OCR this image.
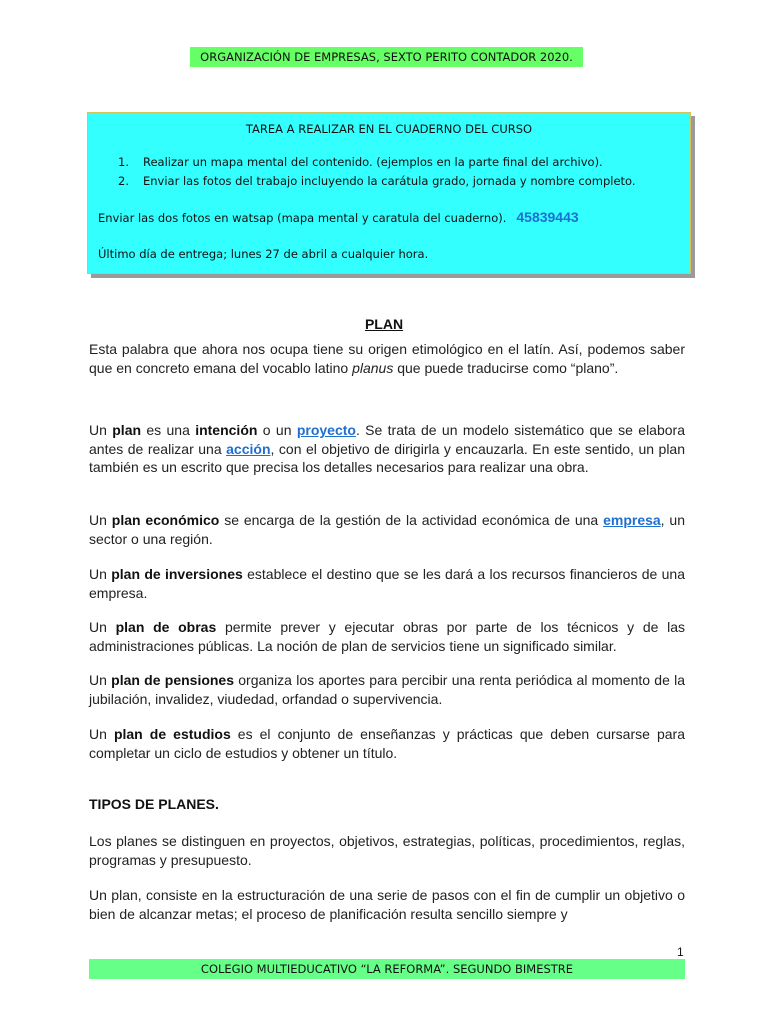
ORGANIZACIÓN DE EMPRESAS, SEXTO PERITO CONTADOR 2020.
TAREA A REALIZAR EN EL CUADERNO DEL CURSO
1. Realizar un mapa mental del contenido. (ejemplos en la parte final del archivo).
2. Enviar las fotos del trabajo incluyendo la carátula grado, jornada y nombre completo.
Enviar las dos fotos en watsap (mapa mental y caratula del cuaderno). 45839443
Último día de entrega; lunes 27 de abril a cualquier hora.
PLAN

Esta palabra que ahora nos ocupa tiene su origen etimológico en el latín. Así, podemos saber que en concreto emana del vocablo latino planus que puede traducirse como “plano”.

Un plan es una intención o un proyecto. Se trata de un modelo sistemático que se elabora antes de realizar una acción, con el objetivo de dirigirla y encauzarla. En este sentido, un plan también es un escrito que precisa los detalles necesarios para realizar una obra.

Un plan económico se encarga de la gestión de la actividad económica de una empresa, un sector o una región.

Un plan de inversiones establece el destino que se les dará a los recursos financieros de una empresa.

Un plan de obras permite prever y ejecutar obras por parte de los técnicos y de las administraciones públicas. La noción de plan de servicios tiene un significado similar.

Un plan de pensiones organiza los aportes para percibir una renta periódica al momento de la jubilación, invalidez, viudedad, orfandad o supervivencia.

Un plan de estudios es el conjunto de enseñanzas y prácticas que deben cursarse para completar un ciclo de estudios y obtener un título.

TIPOS DE PLANES.

Los planes se distinguen en proyectos, objetivos, estrategias, políticas, procedimientos, reglas, programas y presupuesto.

Un plan, consiste en la estructuración de una serie de pasos con el fin de cumplir un objetivo o bien de alcanzar metas; el proceso de planificación resulta sencillo siempre y

1
COLEGIO MULTIEDUCATIVO “LA REFORMA”. SEGUNDO BIMESTRE
